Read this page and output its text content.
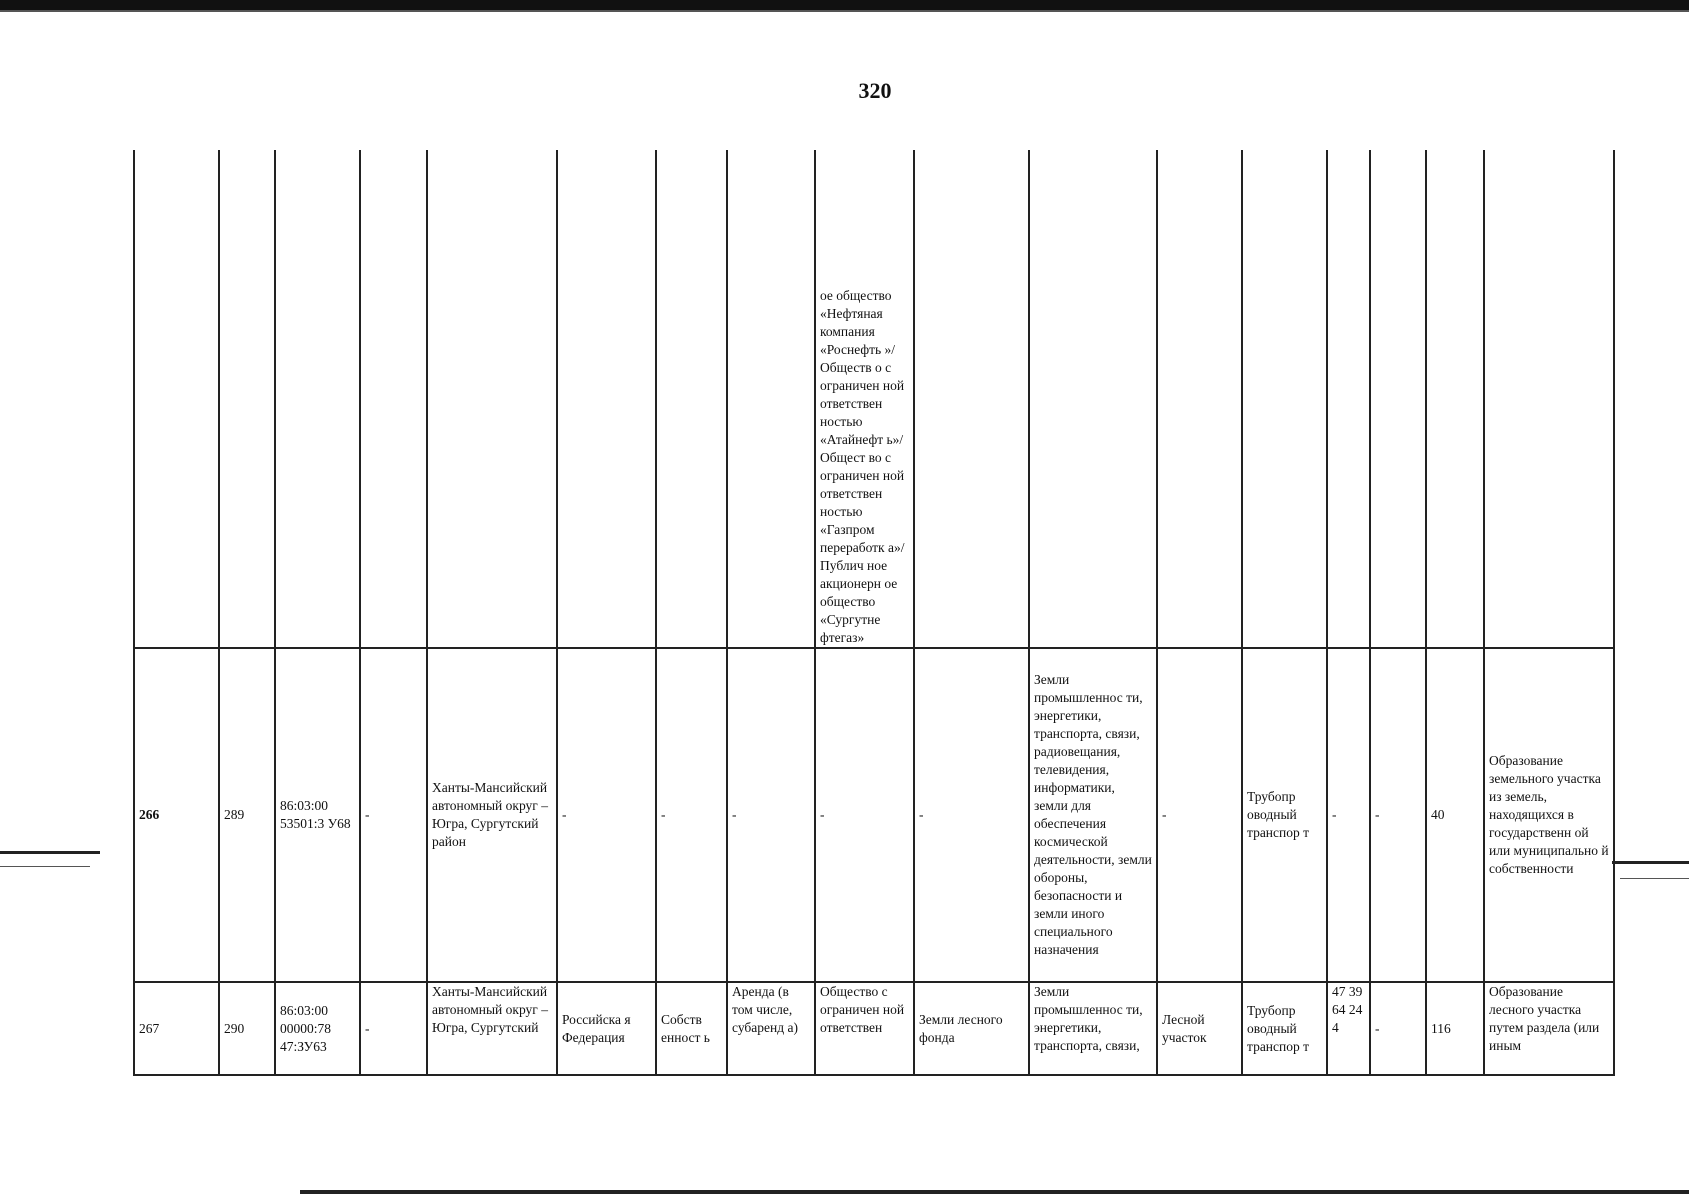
320
								ое общество «Нефтяная компания «Роснефть »/Обществ о с ограничен ной ответствен ностью «Атайнефт ь»/Общест во с ограничен ной ответствен ностью «Газпром переработк а»/Публич ное акционерн ое общество «Сургутне фтегаз»								
266	289	86:03:00 53501:3 У68	-	Ханты-Мансийский автономный округ – Югра, Сургутский район	-	-	-	-	-	Земли промышленнос ти, энергетики, транспорта, связи, радиовещания, телевидения, информатики, земли для обеспечения космической деятельности, земли обороны, безопасности и земли иного специального назначения	-	Трубопр оводный транспор т	-	-	40	Образование земельного участка из земель, находящихся в государственн ой или муниципально й собственности
267	290	86:03:00 00000:78 47:ЗУ63	-	Ханты-Мансийский автономный округ – Югра, Сургутский	Российска я Федерация	Собств енност ь	Аренда (в том числе, субаренд а)	Общество с ограничен ной ответствен	Земли лесного фонда	Земли промышленнос ти, энергетики, транспорта, связи,	Лесной участок	Трубопр оводный транспор т	47 39 64 24 4	-	116	Образование лесного участка путем раздела (или иным
